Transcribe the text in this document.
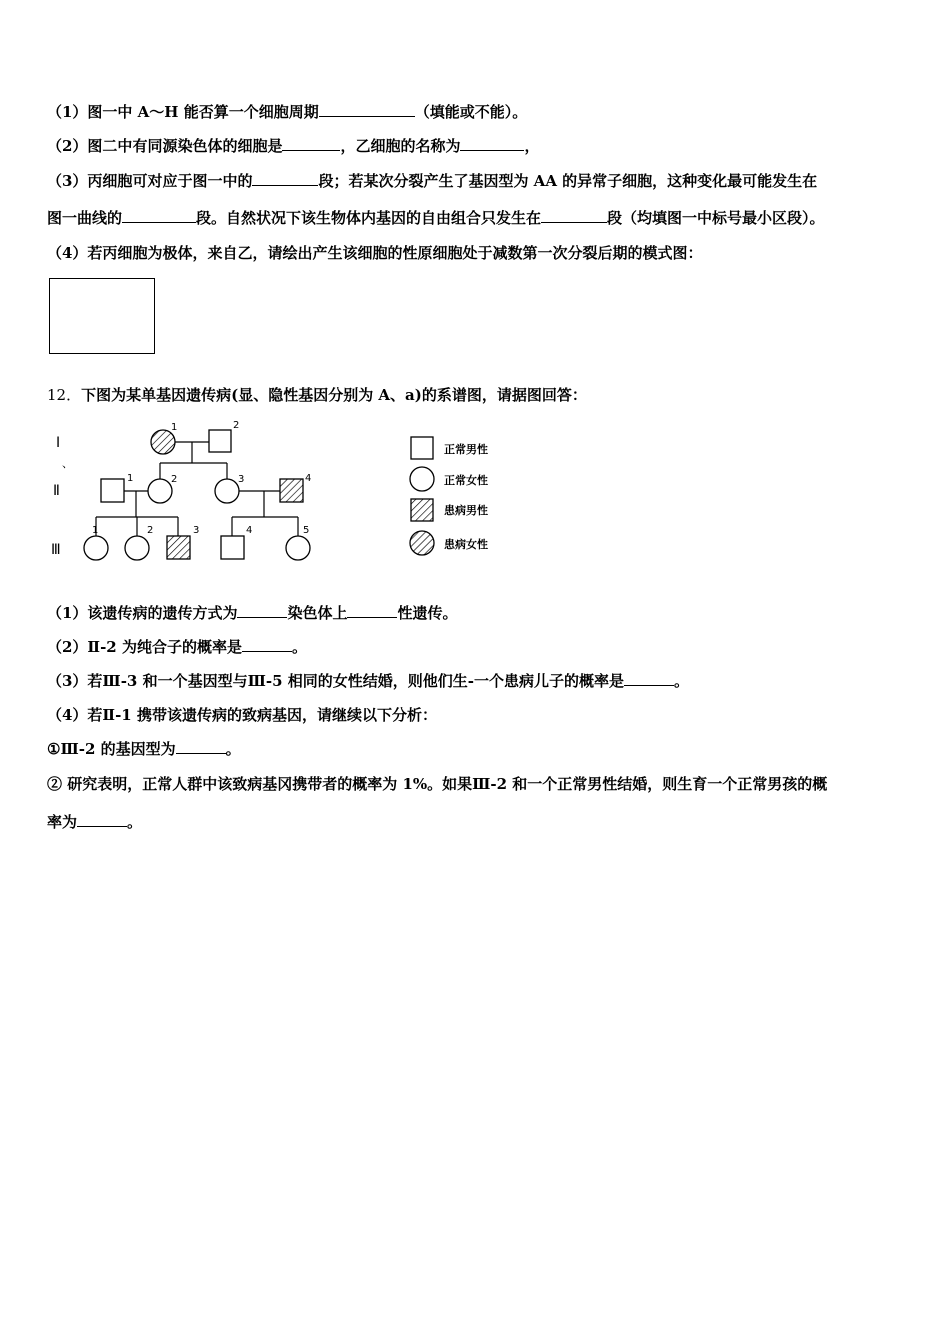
（1）图一中 A～H 能否算一个细胞周期	（填能或不能）。
（2）图二中有同源染色体的细胞是	，乙细胞的名称为	，
（3）丙细胞可对应于图一中的	段；若某次分裂产生了基因型为 AA 的异常子细胞，这种变化最可能发生在
图一曲线的	段。自然状况下该生物体内基因的自由组合只发生在	段（均填图一中标号最小区段）。
（4）若丙细胞为极体，来自乙，请绘出产生该细胞的性原细胞处于减数第一次分裂后期的模式图：
12．下图为某单基因遗传病(显、隐性基因分别为 A、a)的系谱图，请据图回答：
Ⅰ
、
Ⅱ
Ⅲ
1	2
1	2	3	4
1	2	3	4	5
正常男性
正常女性
患病男性
患病女性
（1）该遗传病的遗传方式为	染色体上	性遗传。
（2）Ⅱ-2 为纯合子的概率是	。
（3）若Ⅲ-3 和一个基因型与Ⅲ-5 相同的女性结婚，则他们生-一个患病儿子的概率是	。
（4）若Ⅱ-1 携带该遗传病的致病基因，请继续以下分析：
①Ⅲ-2 的基因型为	。
② 研究表明，正常人群中该致病基冈携带者的概率为 1%。如果Ⅲ-2 和一个正常男性结婚，则生育一个正常男孩的概
率为	。
